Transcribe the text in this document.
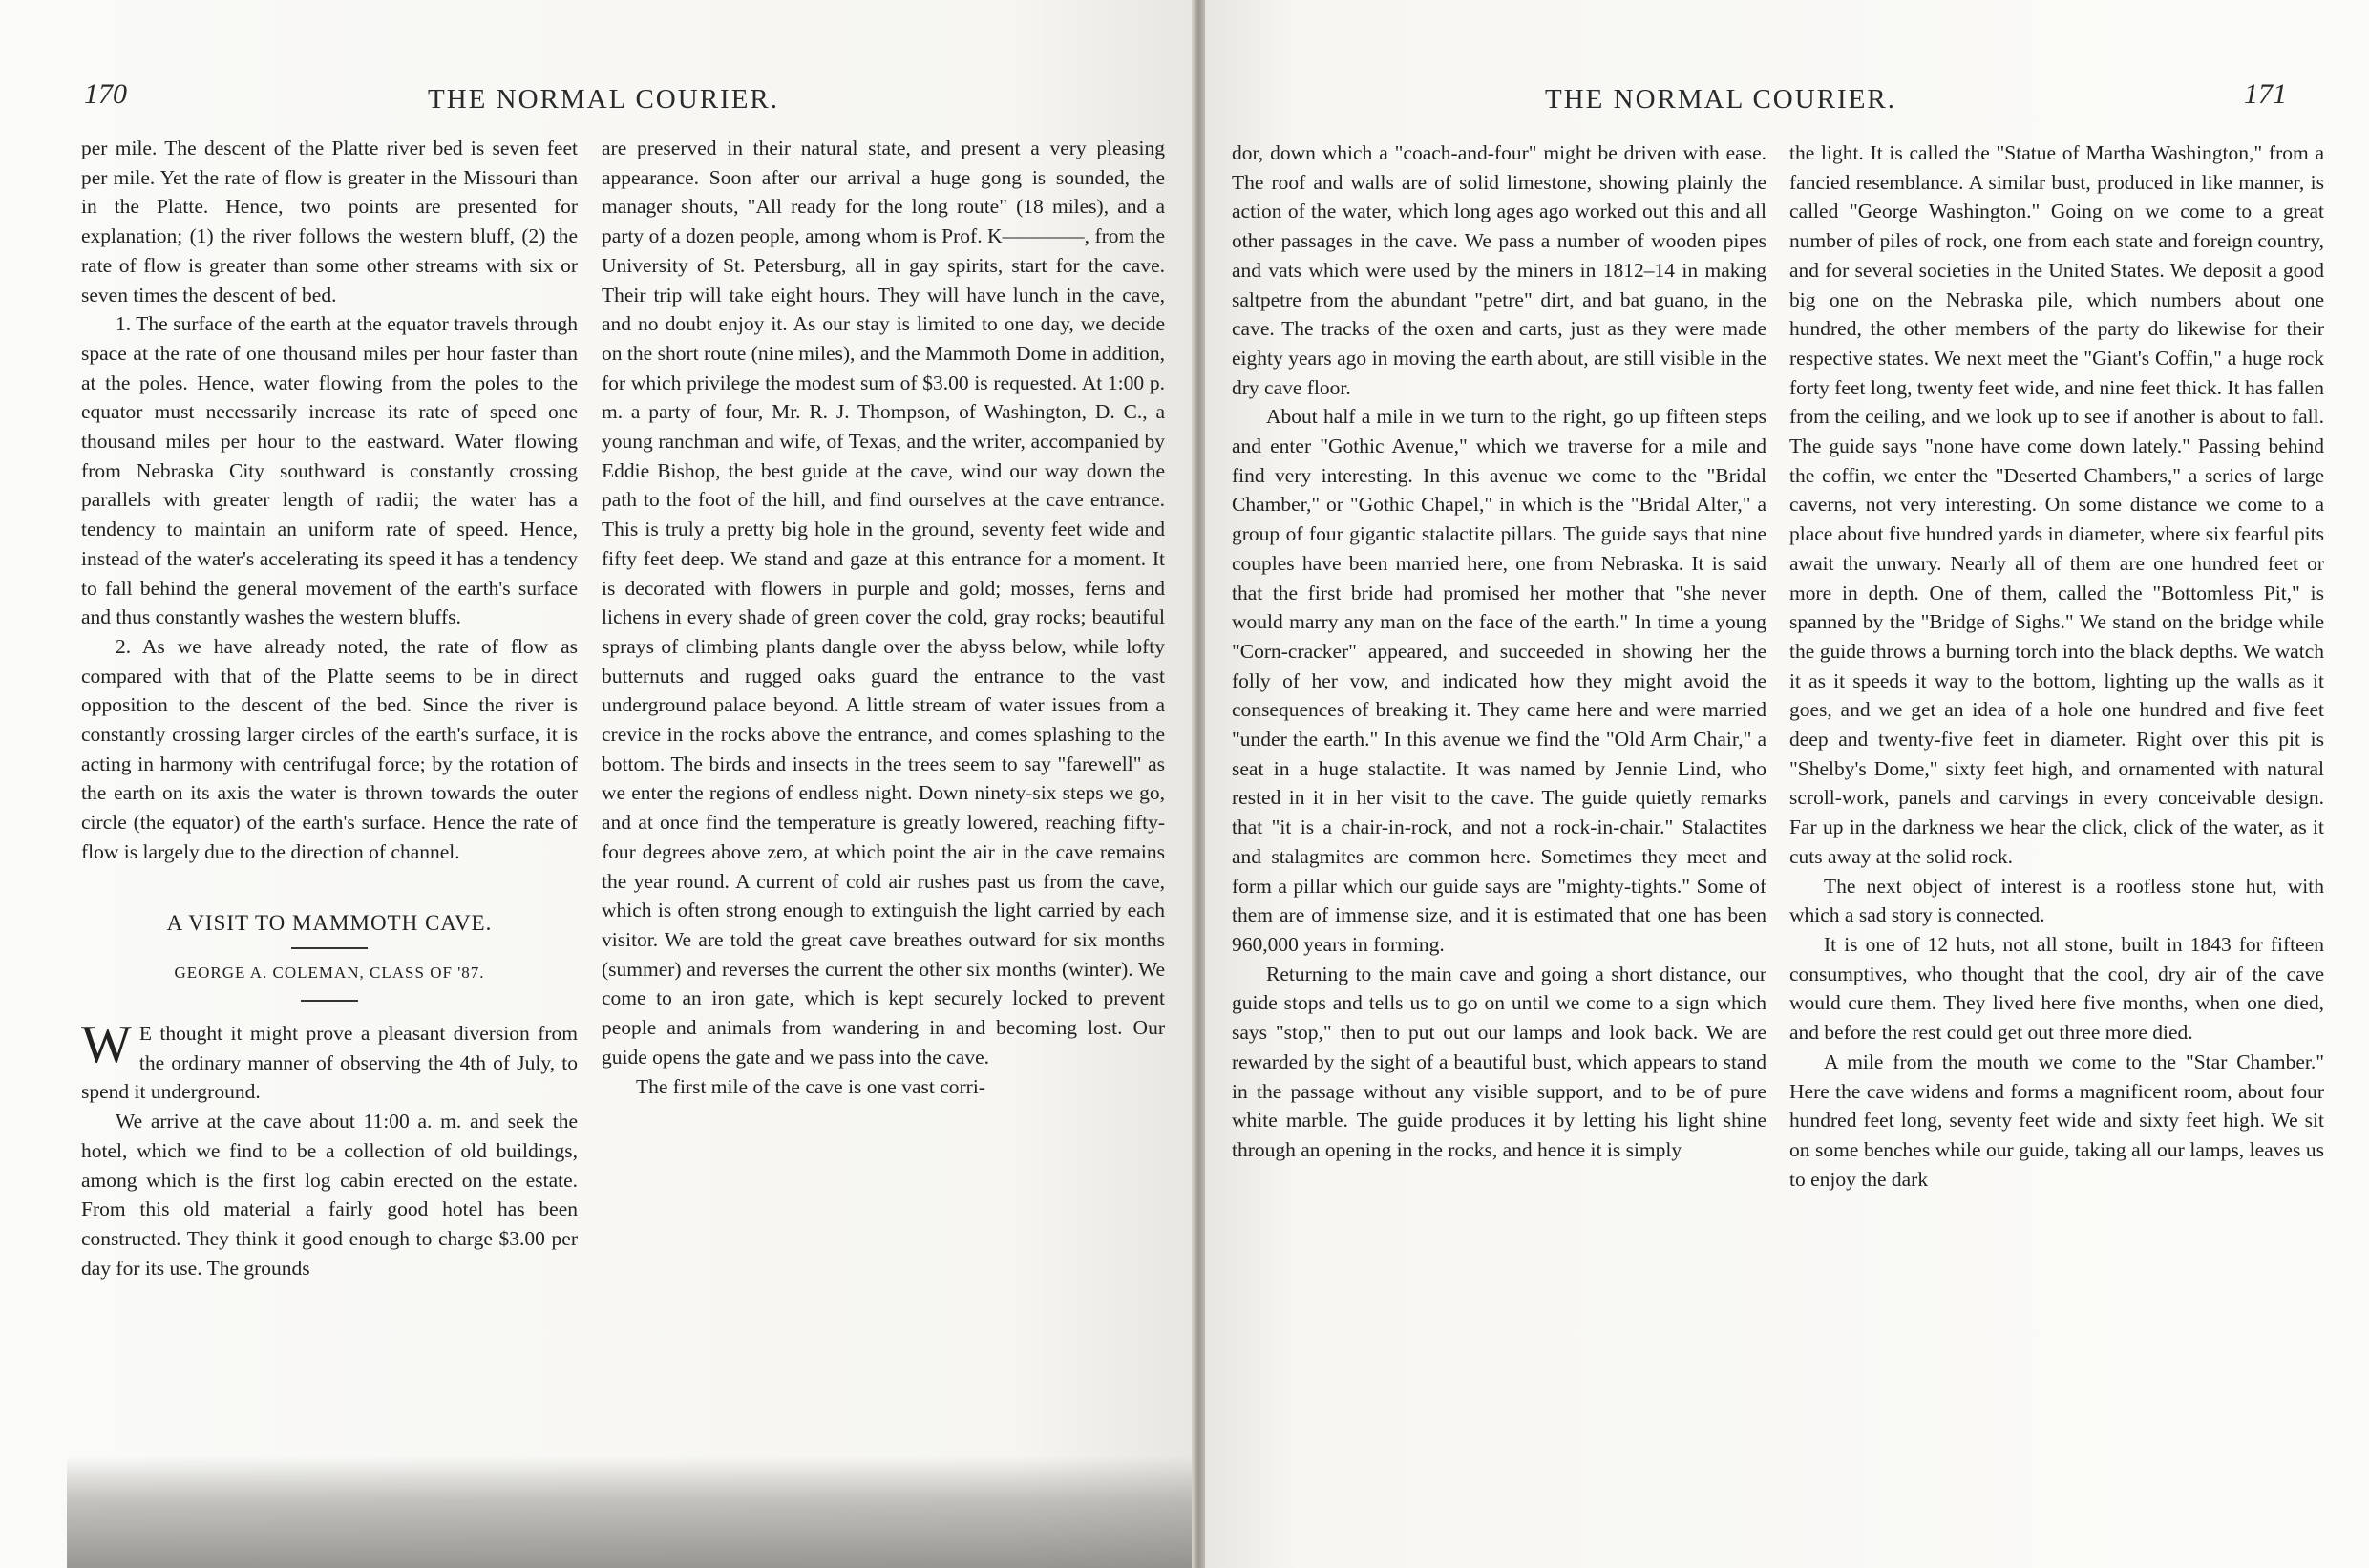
170	THE NORMAL COURIER.

per mile. The descent of the Platte river bed is seven feet per mile. Yet the rate of flow is greater in the Missouri than in the Platte. Hence, two points are presented for explanation; (1) the river follows the western bluff, (2) the rate of flow is greater than some other streams with six or seven times the descent of bed.

1. The surface of the earth at the equator travels through space at the rate of one thousand miles per hour faster than at the poles. Hence, water flowing from the poles to the equator must necessarily increase its rate of speed one thousand miles per hour to the eastward. Water flowing from Nebraska City southward is constantly crossing parallels with greater length of radii; the water has a tendency to maintain an uniform rate of speed. Hence, instead of the water's accelerating its speed it has a tendency to fall behind the general movement of the earth's surface and thus constantly washes the western bluffs.

2. As we have already noted, the rate of flow as compared with that of the Platte seems to be in direct opposition to the descent of the bed. Since the river is constantly crossing larger circles of the earth's surface, it is acting in harmony with centrifugal force; by the rotation of the earth on its axis the water is thrown towards the outer circle (the equator) of the earth's surface. Hence the rate of flow is largely due to the direction of channel.

A VISIT TO MAMMOTH CAVE.
GEORGE A. COLEMAN, CLASS OF '87.

W E thought it might prove a pleasant diversion from the ordinary manner of observing the 4th of July, to spend it underground.

We arrive at the cave about 11:00 a. m. and seek the hotel, which we find to be a collection of old buildings, among which is the first log cabin erected on the estate. From this old material a fairly good hotel has been constructed. They think it good enough to charge $3.00 per day for its use. The grounds

are preserved in their natural state, and present a very pleasing appearance. Soon after our arrival a huge gong is sounded, the manager shouts, "All ready for the long route" (18 miles), and a party of a dozen people, among whom is Prof. K————, from the University of St. Petersburg, all in gay spirits, start for the cave. Their trip will take eight hours. They will have lunch in the cave, and no doubt enjoy it. As our stay is limited to one day, we decide on the short route (nine miles), and the Mammoth Dome in addition, for which privilege the modest sum of $3.00 is requested. At 1:00 p. m. a party of four, Mr. R. J. Thompson, of Washington, D. C., a young ranchman and wife, of Texas, and the writer, accompanied by Eddie Bishop, the best guide at the cave, wind our way down the path to the foot of the hill, and find ourselves at the cave entrance. This is truly a pretty big hole in the ground, seventy feet wide and fifty feet deep. We stand and gaze at this entrance for a moment. It is decorated with flowers in purple and gold; mosses, ferns and lichens in every shade of green cover the cold, gray rocks; beautiful sprays of climbing plants dangle over the abyss below, while lofty butternuts and rugged oaks guard the entrance to the vast underground palace beyond. A little stream of water issues from a crevice in the rocks above the entrance, and comes splashing to the bottom. The birds and insects in the trees seem to say "farewell" as we enter the regions of endless night. Down ninety-six steps we go, and at once find the temperature is greatly lowered, reaching fifty-four degrees above zero, at which point the air in the cave remains the year round. A current of cold air rushes past us from the cave, which is often strong enough to extinguish the light carried by each visitor. We are told the great cave breathes outward for six months (summer) and reverses the current the other six months (winter). We come to an iron gate, which is kept securely locked to prevent people and animals from wandering in and becoming lost. Our guide opens the gate and we pass into the cave.

The first mile of the cave is one vast corri-

THE NORMAL COURIER.	171

dor, down which a "coach-and-four" might be driven with ease. The roof and walls are of solid limestone, showing plainly the action of the water, which long ages ago worked out this and all other passages in the cave. We pass a number of wooden pipes and vats which were used by the miners in 1812–14 in making saltpetre from the abundant "petre" dirt, and bat guano, in the cave. The tracks of the oxen and carts, just as they were made eighty years ago in moving the earth about, are still visible in the dry cave floor.

About half a mile in we turn to the right, go up fifteen steps and enter "Gothic Avenue," which we traverse for a mile and find very interesting. In this avenue we come to the "Bridal Chamber," or "Gothic Chapel," in which is the "Bridal Alter," a group of four gigantic stalactite pillars. The guide says that nine couples have been married here, one from Nebraska. It is said that the first bride had promised her mother that "she never would marry any man on the face of the earth." In time a young "Corn-cracker" appeared, and succeeded in showing her the folly of her vow, and indicated how they might avoid the consequences of breaking it. They came here and were married "under the earth." In this avenue we find the "Old Arm Chair," a seat in a huge stalactite. It was named by Jennie Lind, who rested in it in her visit to the cave. The guide quietly remarks that "it is a chair-in-rock, and not a rock-in-chair." Stalactites and stalagmites are common here. Sometimes they meet and form a pillar which our guide says are "mighty-tights." Some of them are of immense size, and it is estimated that one has been 960,000 years in forming.

Returning to the main cave and going a short distance, our guide stops and tells us to go on until we come to a sign which says "stop," then to put out our lamps and look back. We are rewarded by the sight of a beautiful bust, which appears to stand in the passage without any visible support, and to be of pure white marble. The guide produces it by letting his light shine through an opening in the rocks, and hence it is simply

the light. It is called the "Statue of Martha Washington," from a fancied resemblance. A similar bust, produced in like manner, is called "George Washington." Going on we come to a great number of piles of rock, one from each state and foreign country, and for several societies in the United States. We deposit a good big one on the Nebraska pile, which numbers about one hundred, the other members of the party do likewise for their respective states. We next meet the "Giant's Coffin," a huge rock forty feet long, twenty feet wide, and nine feet thick. It has fallen from the ceiling, and we look up to see if another is about to fall. The guide says "none have come down lately." Passing behind the coffin, we enter the "Deserted Chambers," a series of large caverns, not very interesting. On some distance we come to a place about five hundred yards in diameter, where six fearful pits await the unwary. Nearly all of them are one hundred feet or more in depth. One of them, called the "Bottomless Pit," is spanned by the "Bridge of Sighs." We stand on the bridge while the guide throws a burning torch into the black depths. We watch it as it speeds it way to the bottom, lighting up the walls as it goes, and we get an idea of a hole one hundred and five feet deep and twenty-five feet in diameter. Right over this pit is "Shelby's Dome," sixty feet high, and ornamented with natural scroll-work, panels and carvings in every conceivable design. Far up in the darkness we hear the click, click of the water, as it cuts away at the solid rock.

The next object of interest is a roofless stone hut, with which a sad story is connected.

It is one of 12 huts, not all stone, built in 1843 for fifteen consumptives, who thought that the cool, dry air of the cave would cure them. They lived here five months, when one died, and before the rest could get out three more died.

A mile from the mouth we come to the "Star Chamber." Here the cave widens and forms a magnificent room, about four hundred feet long, seventy feet wide and sixty feet high. We sit on some benches while our guide, taking all our lamps, leaves us to enjoy the dark
